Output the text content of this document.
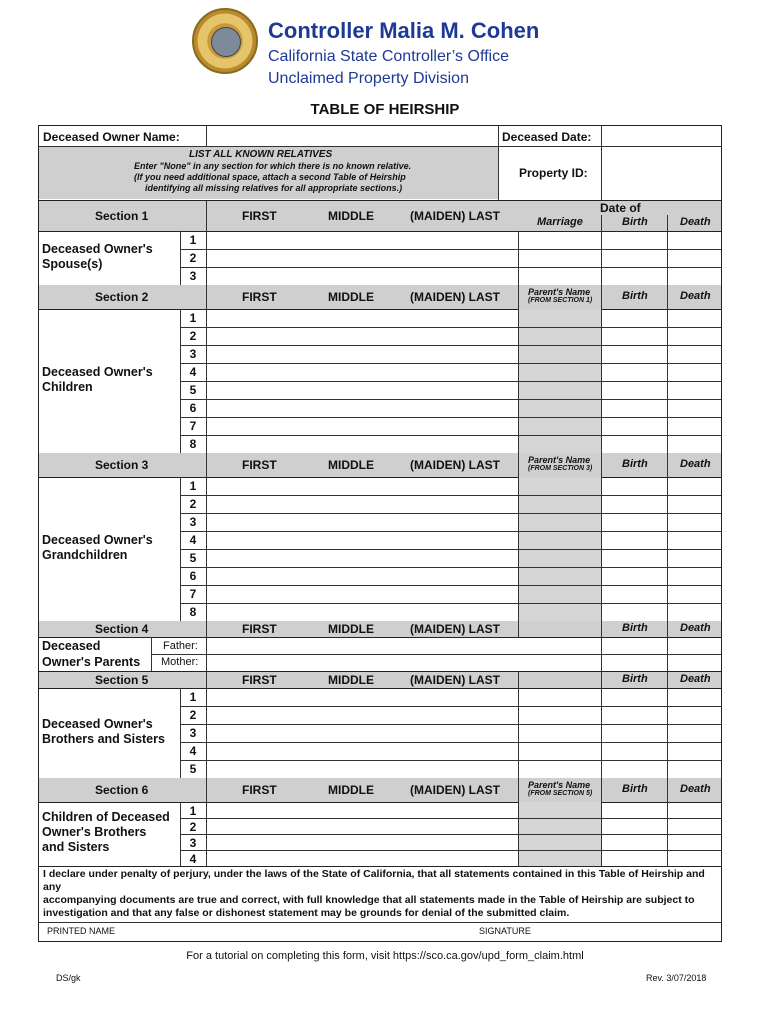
Controller Malia M. Cohen
California State Controller’s Office
Unclaimed Property Division
TABLE OF HEIRSHIP
Deceased Owner Name:	Deceased Date:
LIST ALL KNOWN RELATIVES
Enter "None" in any section for which there is no known relative.
(If you need additional space, attach a second Table of Heirship
identifying all missing relatives for all appropriate sections.)
Property ID:
Section 1	FIRST	MIDDLE	(MAIDEN) LAST
Date of
Marriage	Birth	Death
1
2
3
Deceased Owner's
Spouse(s)
Section 2	FIRST	MIDDLE	(MAIDEN) LAST	Parent's Name
(FROM SECTION 1)	Birth	Death
1
2
3
4
5
6
7
8
Deceased Owner's
Children
Section 3	FIRST	MIDDLE	(MAIDEN) LAST	Parent's Name
(FROM SECTION 3)	Birth	Death
1
2
3
4
5
6
7
8
Deceased Owner's
Grandchildren
Section 4	FIRST	MIDDLE	(MAIDEN) LAST	Birth	Death
Deceased
Owner's Parents
Father:
Mother:
Section 5	FIRST	MIDDLE	(MAIDEN) LAST	Birth	Death
1
2
3
4
5
Deceased Owner's
Brothers and Sisters
Section 6	FIRST	MIDDLE	(MAIDEN) LAST	Parent's Name
(FROM SECTION 5)	Birth	Death
1
2
3
4
Children of Deceased
Owner's Brothers
and Sisters
I declare under penalty of perjury, under the laws of the State of California, that all statements contained in this Table of Heirship and any
accompanying documents are true and correct, with full knowledge that all statements made in the Table of Heirship are subject to
investigation and that any false or dishonest statement may be grounds for denial of the submitted claim.
PRINTED NAME	SIGNATURE
For a tutorial on completing this form, visit https://sco.ca.gov/upd_form_claim.html
DS/gk	Rev. 3/07/2018
